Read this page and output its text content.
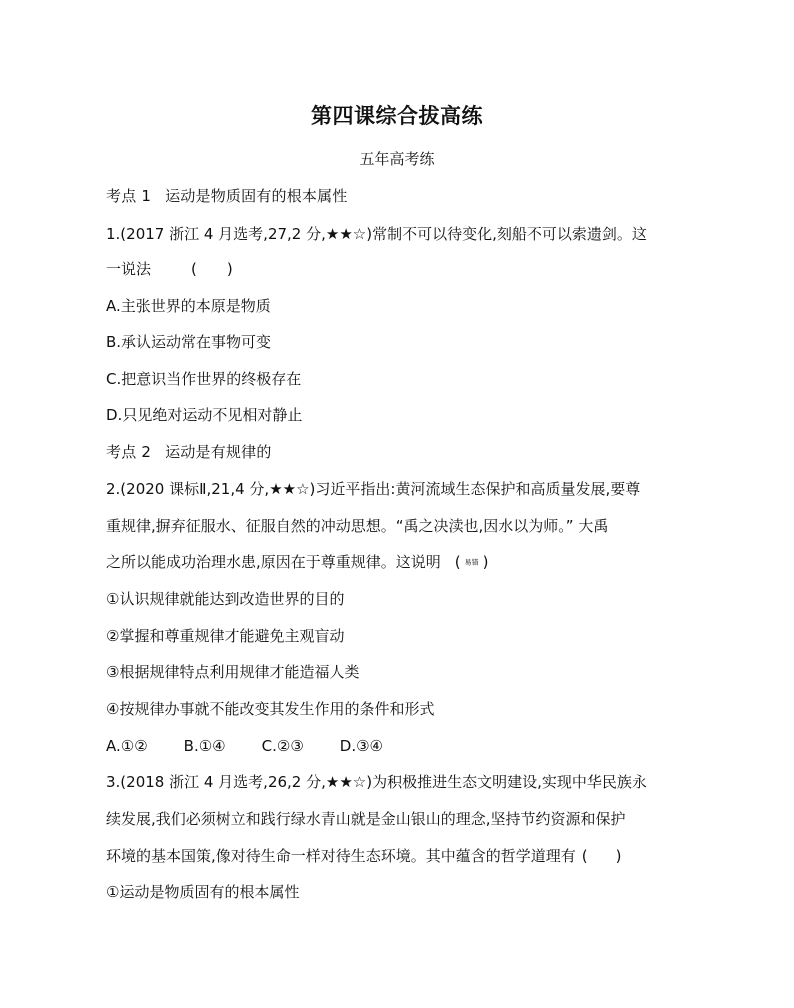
第四课综合拔高练
五年高考练
考点 1 运动是物质固有的根本属性
1.(2017 浙江 4 月选考,27,2 分,★★☆)常制不可以待变化,刻船不可以索遗剑。这
一说法	( )
A.主张世界的本原是物质
B.承认运动常在事物可变
C.把意识当作世界的终极存在
D.只见绝对运动不见相对静止
考点 2 运动是有规律的
2.(2020 课标Ⅱ,21,4 分,★★☆)习近平指出:黄河流域生态保护和高质量发展,要尊
重规律,摒弃征服水、征服自然的冲动思想。“禹之决渎也,因水以为师。” 大禹
之所以能成功治理水患,原因在于尊重规律。这说明 ( 易错 )
①认识规律就能达到改造世界的目的
②掌握和尊重规律才能避免主观盲动
③根据规律特点利用规律才能造福人类
④按规律办事就不能改变其发生作用的条件和形式
A.①② B.①④ C.②③ D.③④
3.(2018 浙江 4 月选考,26,2 分,★★☆)为积极推进生态文明建设,实现中华民族永
续发展,我们必须树立和践行绿水青山就是金山银山的理念,坚持节约资源和保护
环境的基本国策,像对待生命一样对待生态环境。其中蕴含的哲学道理有 ( )
①运动是物质固有的根本属性
